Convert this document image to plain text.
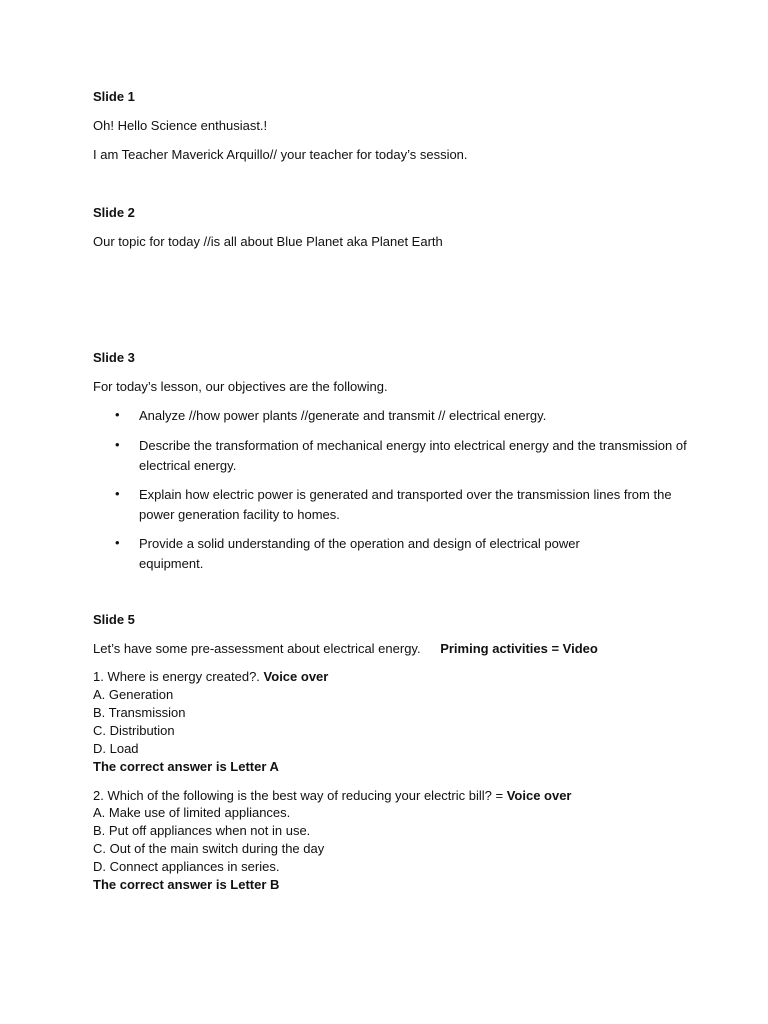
Slide 1
Oh! Hello Science enthusiast.!
I am Teacher Maverick Arquillo// your teacher for today’s session.
Slide 2
Our topic for today //is all about Blue Planet aka Planet Earth
Slide 3
For today’s lesson, our objectives are the following.
• Analyze //how power plants //generate and transmit // electrical energy.
• Describe the transformation of mechanical energy into electrical energy and the transmission of electrical energy.
• Explain how electric power is generated and transported over the transmission lines from the power generation facility to homes.
• Provide a solid understanding of the operation and design of electrical power equipment.
Slide 5
Let’s have some pre-assessment about electrical energy. Priming activities = Video
1. Where is energy created?. Voice over
A. Generation
B. Transmission
C. Distribution
D. Load
The correct answer is Letter A
2. Which of the following is the best way of reducing your electric bill? = Voice over
A. Make use of limited appliances.
B. Put off appliances when not in use.
C. Out of the main switch during the day
D. Connect appliances in series.
The correct answer is Letter B
